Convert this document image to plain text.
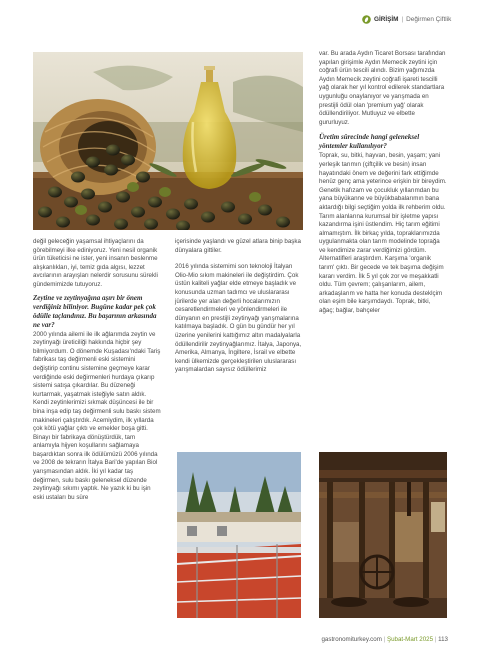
GİRİŞİM | Değirmen Çiftlik

değil geleceğin yaşamsal ihtiyaçlarını da görebilmeyi ilke ediniyoruz. Yeni nesil organik ürün tüketicisi ne ister, yeni insanın beslenme alışkanlıkları, iyi, temiz gıda algısı, lezzet avcılarının arayışları nelerdir sorusunu sürekli gündemimizde tutuyoruz.

Zeytine ve zeytinyağına aşırı bir önem verdiğiniz biliniyor. Bugüne kadar pek çok ödülle taçlandınız. Bu başarının arkasında ne var?

2000 yılında ailemi ile ilk ağlarımda zeytin ve zeytinyağı üreticiliği hakkında hiçbir şey bilmiyordum. O dönemde Kuşadası'ndaki Tariş fabrikası taş değirmenli eski sistemini değiştirip continu sistemine geçmeye karar verdiğinde eski değirmenleri hurdaya çıkarıp sistemi satışa çıkardılar. Bu düzeneği kurtarmak, yaşatmak isteğiyle satın aldık. Kendi zeytinlerimizi sıkmak düşüncesi ile bir bina inşa edip taş değirmenli sulu baskı sistem makineleri çalıştırdık. Acemiydim, ilk yıllarda çok kötü yağlar çıktı ve emekler boşa gitti. Binayı bir fabrikaya dönüştürdük, tam anlamıyla hijyen koşullarını sağlamaya başardıktan sonra ilk ödülümüzü 2006 yılında ve 2008 de tekrarın İtalya Bari'de yapılan Biol yarışmasından aldık. İki yıl kadar taş değirmen, sulu baskı geleneksel düzende zeytinyağı sıkımı yaptık. Ne yazık ki bu işin eski ustaları bu süre

içerisinde yaşlandı ve güzel atlara binip başka dünyalara gittiler.

2016 yılında sistemimi son teknoloji İtalyan Olio-Mio sıkım makineleri ile değiştirdim. Çok üstün kaliteli yağlar elde etmeye başladık ve konusunda uzman tadımcı ve uluslararası jürilerde yer alan değerli hocalarımızın cesaretlendirmeleri ve yönlendirmeleri ile dünyanın en prestijli zeytinyağı yarışmalarına katılmaya başladık. O gün bu gündür her yıl üzerine yenilerini kattığımız altın madalyalarla ödüllendirilir zeytinyağlarımız. İtalya, Japonya, Amerika, Almanya, İngiltere, İsrail ve elbette kendi ülkemizde gerçekleştirilen uluslararası yarışmalardan sayısız ödüllerimiz

var. Bu arada Aydın Ticaret Borsası tarafından yapılan girişimle Aydın Memecik zeytini için coğrafi ürün tescili alındı. Bizim yağımızda Aydın Memecik zeytini coğrafi işareti tescilli yağ olarak her yıl kontrol edilerek standartlara uygunluğu onaylanıyor ve yarışmada en prestijli ödül olan 'premium yağ' olarak ödüllendiriliyor. Mutluyuz ve elbette gururluyuz.

Üretim sürecinde hangi geleneksel yöntemler kullanılıyor?

Toprak, su, bitki, hayvan, besin, yaşam; yani yerleşik tarımın (çiftçilik ve besin) insan hayatındaki önem ve değerini fark ettiğimde henüz genç ama yeterince erişkin bir bireydim. Genetik hafızam ve çocukluk yıllarımdan bu yana büyükanne ve büyükbabalarımın bana aktardığı bilgi seçtiğim yolda ilk rehberim oldu. Tarım alanlarına kurumsal bir işletme yapısı kazandırma işini üstlendim. Hiç tarım eğitimi almamıştım. İlk birkaç yılda, topraklarımızda uygulanmakta olan tarım modelinde toprağa ve kendimize zarar verdiğimizi gördüm. Alternatifleri araştırdım. Karşıma 'organik tarım' çıktı. Bir gecede ve tek başıma değişim kararı verdim. İlk 5 yıl çok zor ve meşakkatli oldu. Tüm çevrem; çalışanlarım, ailem, arkadaşlarım ve hatta her konuda desteklçim olan eşim bile karşımdaydı. Toprak, bitki, ağaç; bağlar, bahçeler

gastronomiturkey.com | Şubat-Mart 2025 | 113
